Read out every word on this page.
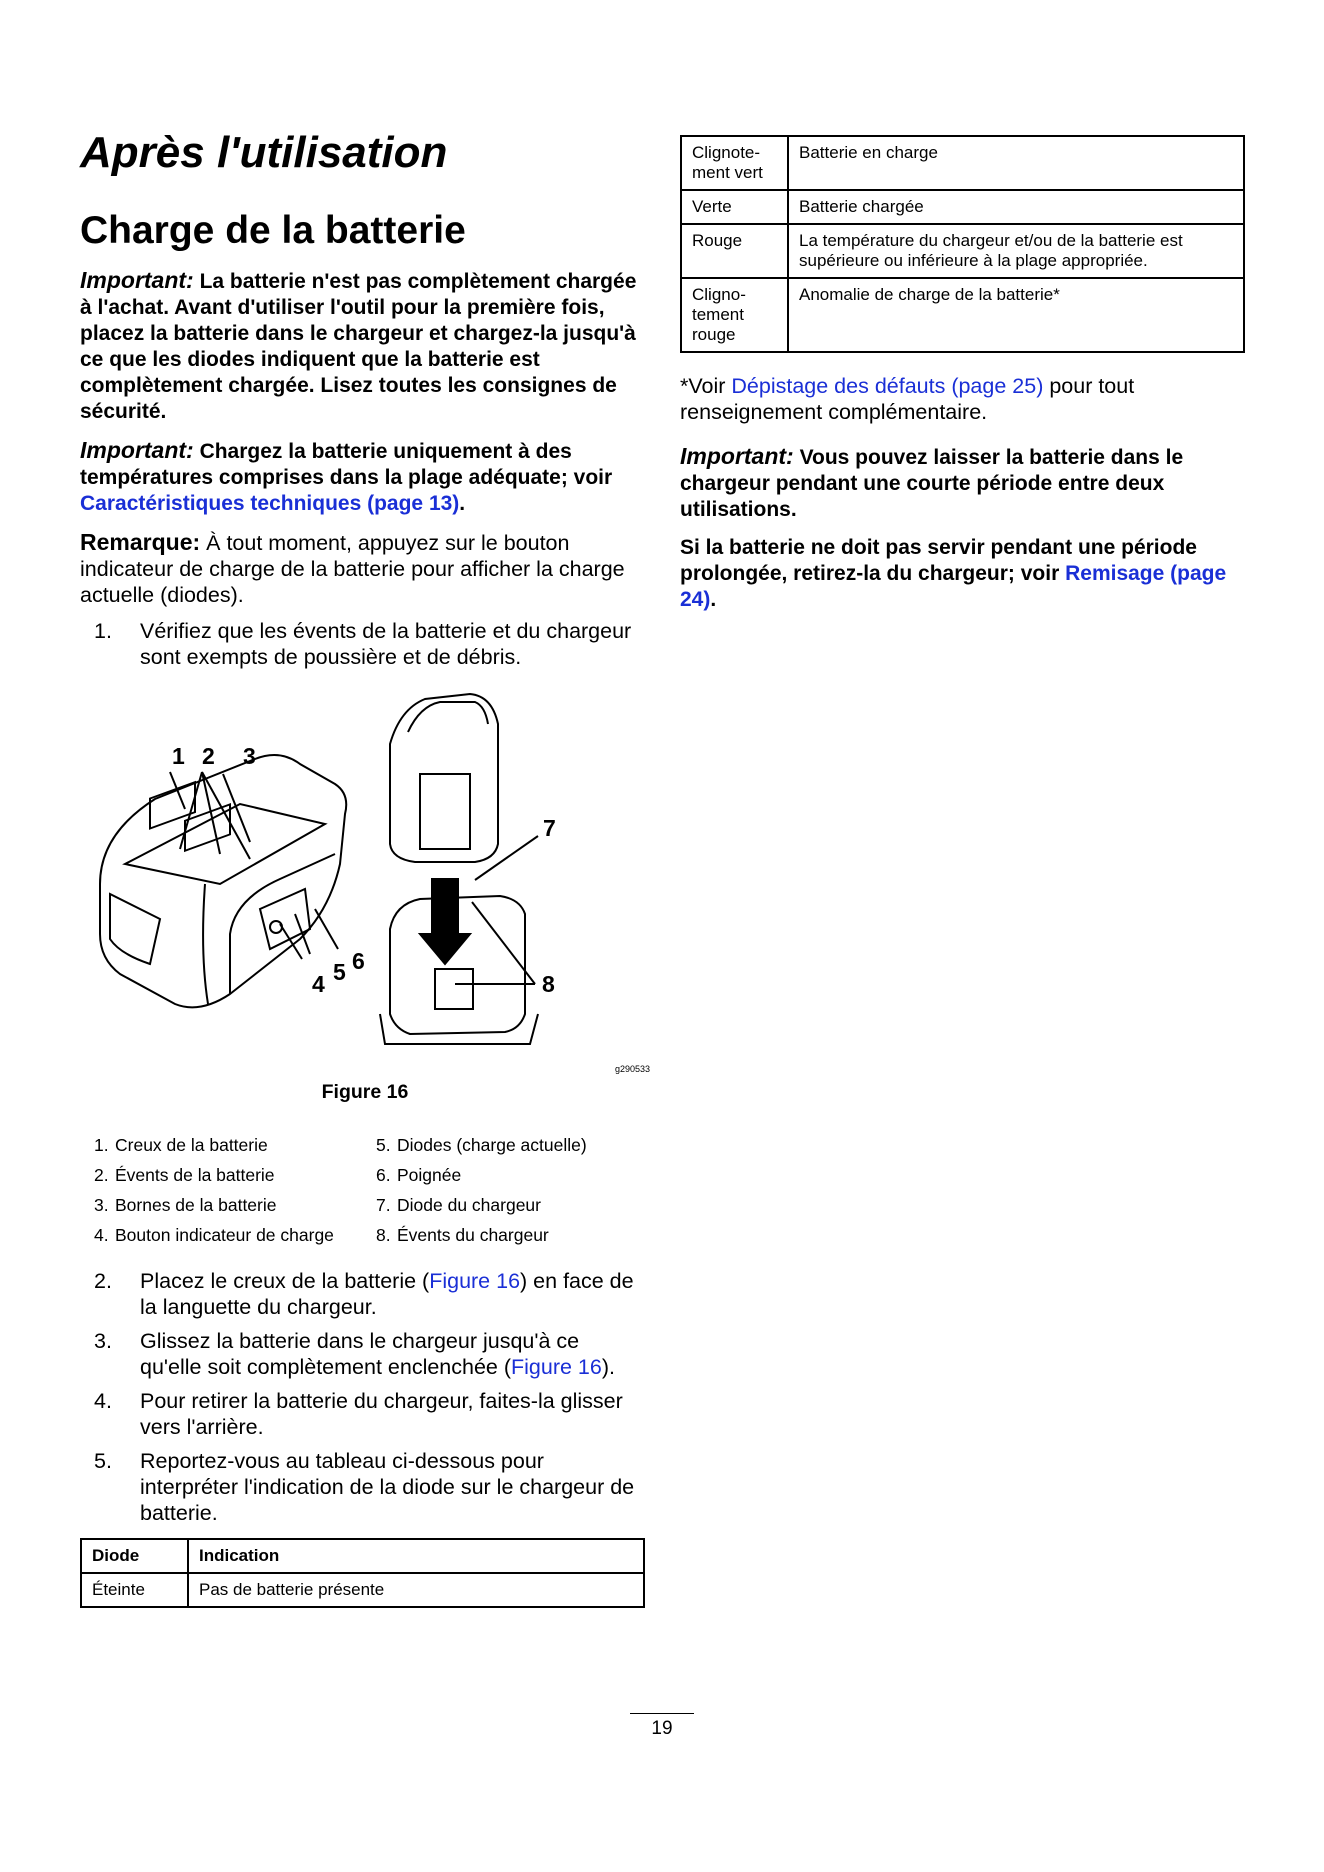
Après l'utilisation
Charge de la batterie

Important: La batterie n'est pas complètement chargée à l'achat. Avant d'utiliser l'outil pour la première fois, placez la batterie dans le chargeur et chargez-la jusqu'à ce que les diodes indiquent que la batterie est complètement chargée. Lisez toutes les consignes de sécurité.

Important: Chargez la batterie uniquement à des températures comprises dans la plage adéquate; voir Caractéristiques techniques (page 13).

Remarque: À tout moment, appuyez sur le bouton indicateur de charge de la batterie pour afficher la charge actuelle (diodes).

1. Vérifiez que les évents de la batterie et du chargeur sont exempts de poussière et de débris.
1 2 3
4 5 6
7
8
g290533
Figure 16
1. Creux de la batterie	5. Diodes (charge actuelle)
2. Évents de la batterie	6. Poignée
3. Bornes de la batterie	7. Diode du chargeur
4. Bouton indicateur de charge	8. Évents du chargeur
2. Placez le creux de la batterie (Figure 16) en face de la languette du chargeur.
3. Glissez la batterie dans le chargeur jusqu'à ce qu'elle soit complètement enclenchée (Figure 16).
4. Pour retirer la batterie du chargeur, faites-la glisser vers l'arrière.
5. Reportez-vous au tableau ci-dessous pour interpréter l'indication de la diode sur le chargeur de batterie.
Diode	Indication
Éteinte	Pas de batterie présente
Clignote-ment vert	Batterie en charge
Verte	Batterie chargée
Rouge	La température du chargeur et/ou de la batterie est supérieure ou inférieure à la plage appropriée.
Cligno-tement rouge	Anomalie de charge de la batterie*

*Voir Dépistage des défauts (page 25) pour tout renseignement complémentaire.

Important: Vous pouvez laisser la batterie dans le chargeur pendant une courte période entre deux utilisations.

Si la batterie ne doit pas servir pendant une période prolongée, retirez-la du chargeur; voir Remisage (page 24).

19
